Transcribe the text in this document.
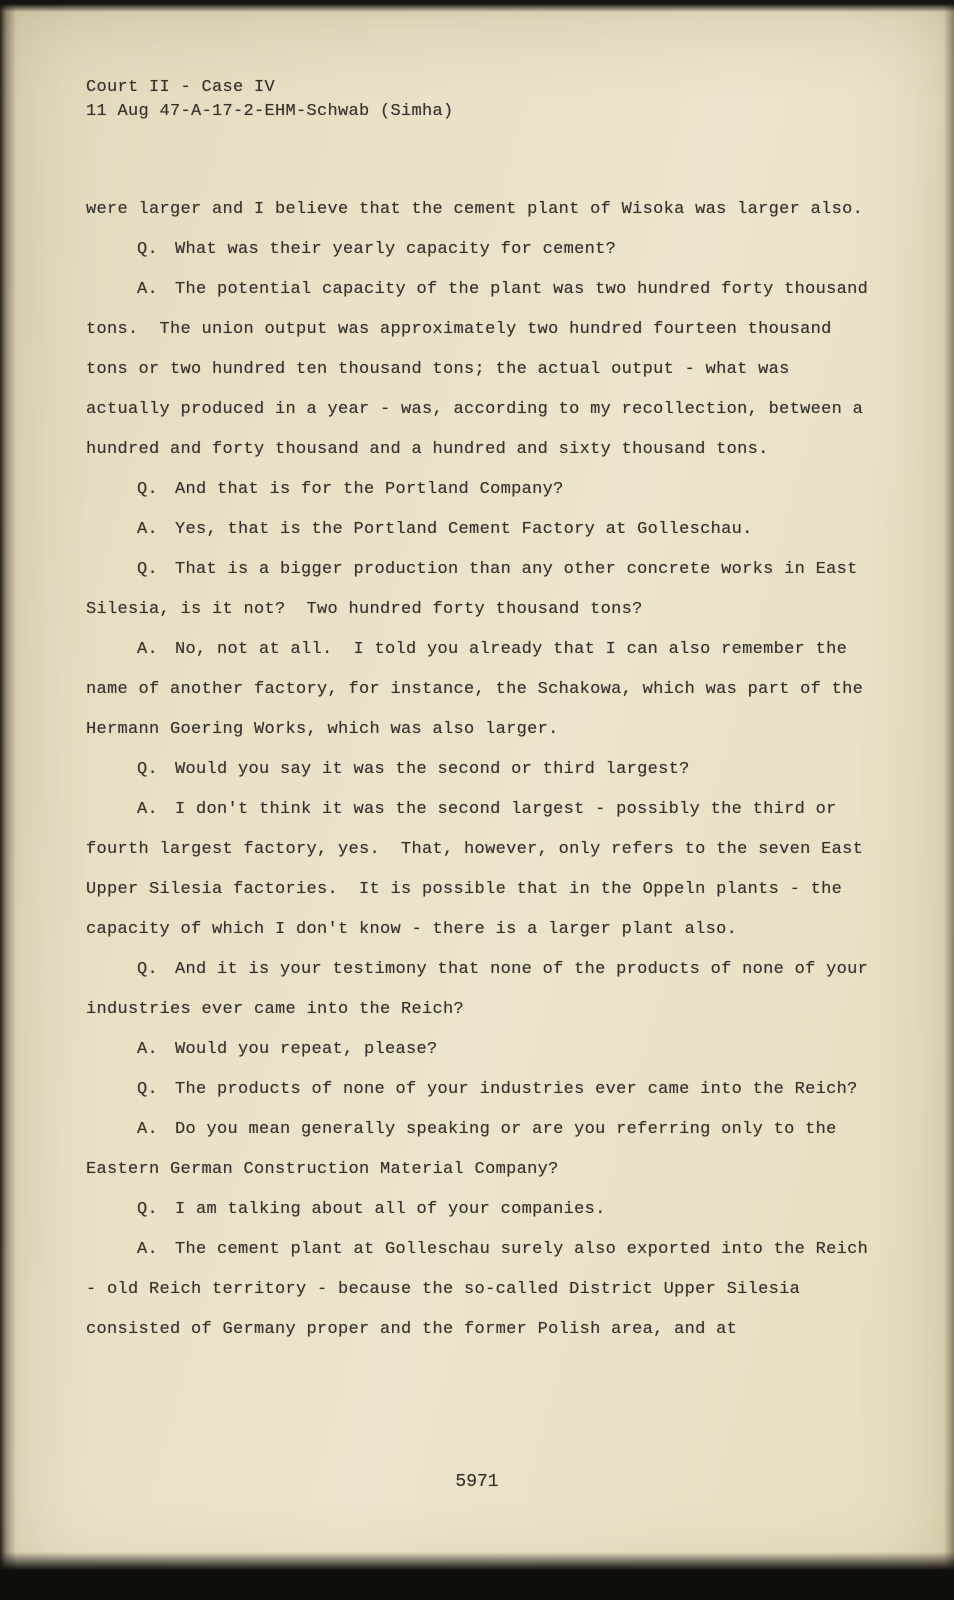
Court II - Case IV
11 Aug 47-A-17-2-EHM-Schwab (Simha)

were larger and I believe that the cement plant of Wisoka was larger also.

Q. What was their yearly capacity for cement?

A. The potential capacity of the plant was two hundred forty thousand tons.  The union output was approximately two hundred fourteen thousand tons or two hundred ten thousand tons; the actual output - what was actually produced in a year - was, according to my recollection, between a hundred and forty thousand and a hundred and sixty thousand tons.

Q. And that is for the Portland Company?

A. Yes, that is the Portland Cement Factory at Golleschau.

Q. That is a bigger production than any other concrete works in East Silesia, is it not?  Two hundred forty thousand tons?

A. No, not at all.  I told you already that I can also remember the name of another factory, for instance, the Schakowa, which was part of the Hermann Goering Works, which was also larger.

Q. Would you say it was the second or third largest?

A. I don't think it was the second largest - possibly the third or fourth largest factory, yes.  That, however, only refers to the seven East Upper Silesia factories.  It is possible that in the Oppeln plants - the capacity of which I don't know - there is a larger plant also.

Q. And it is your testimony that none of the products of none of your industries ever came into the Reich?

A. Would you repeat, please?

Q. The products of none of your industries ever came into the Reich?

A. Do you mean generally speaking or are you referring only to the Eastern German Construction Material Company?

Q. I am talking about all of your companies.

A. The cement plant at Golleschau surely also exported into the Reich - old Reich territory - because the so-called District Upper Silesia consisted of Germany proper and the former Polish area, and at

5971
